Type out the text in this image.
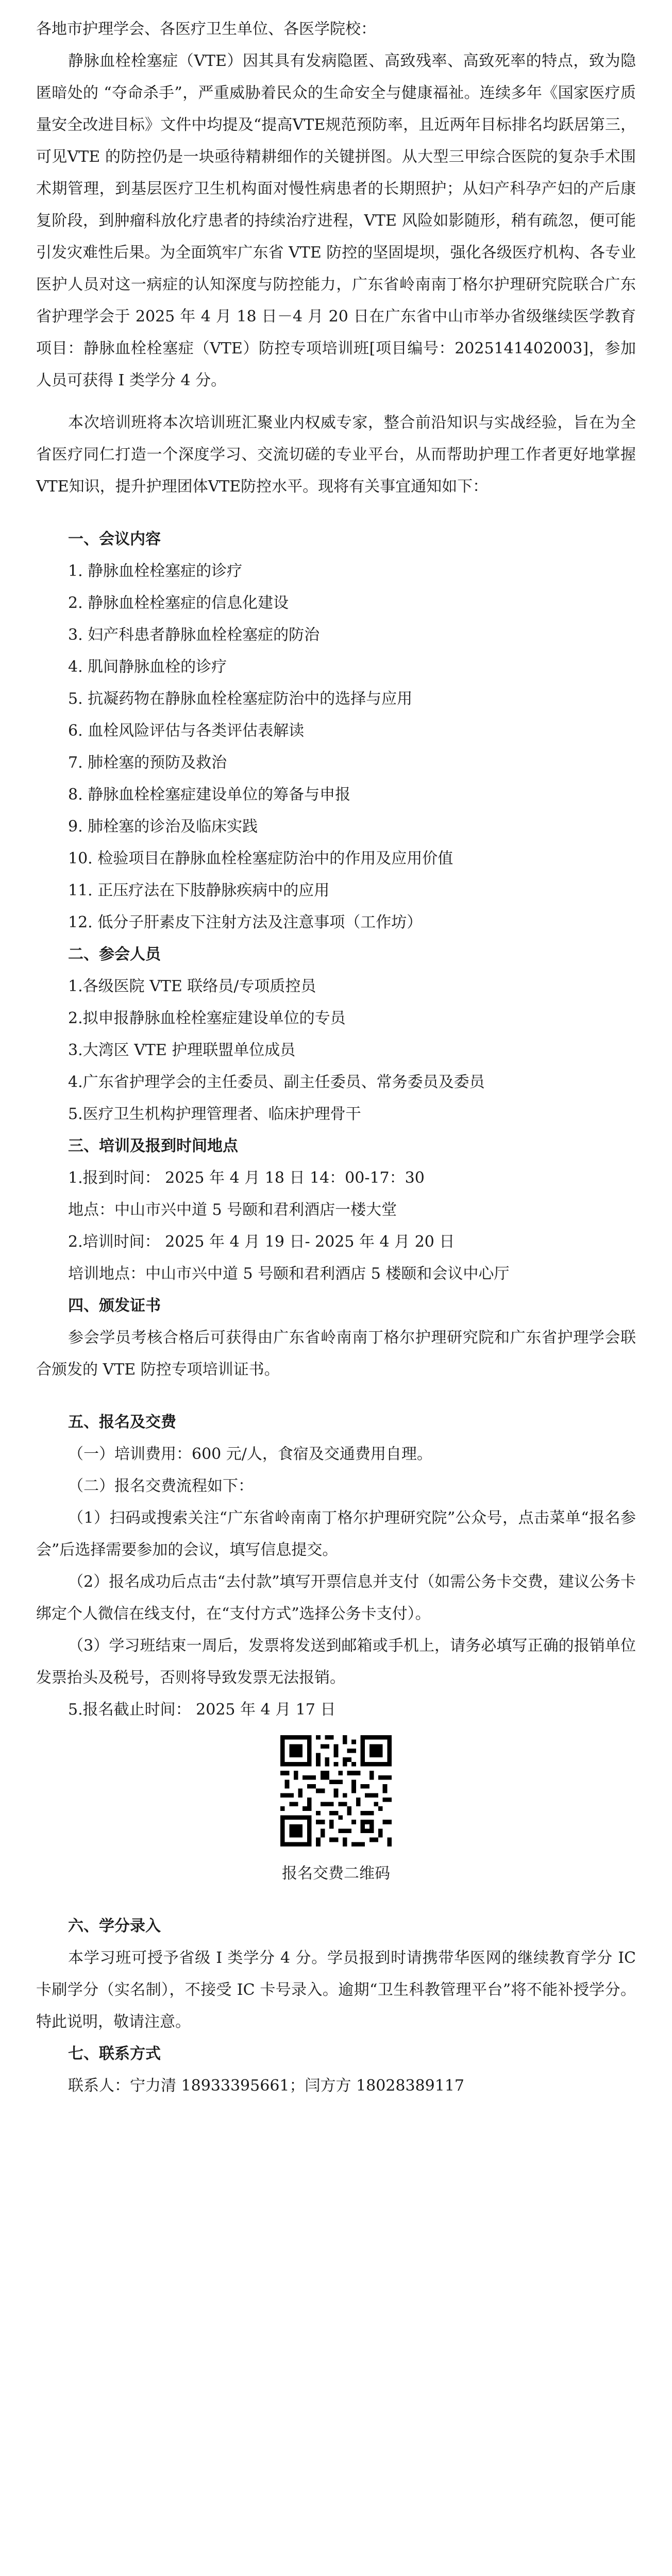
各地市护理学会、各医疗卫生单位、各医学院校：

静脉血栓栓塞症（VTE）因其具有发病隐匿、高致残率、高致死率的特点，致为隐匿暗处的 “夺命杀手”，严重威胁着民众的生命安全与健康福祉。连续多年《国家医疗质量安全改进目标》文件中均提及“提高VTE规范预防率，且近两年目标排名均跃居第三，可见VTE 的防控仍是一块亟待精耕细作的关键拼图。从大型三甲综合医院的复杂手术围术期管理，到基层医疗卫生机构面对慢性病患者的长期照护；从妇产科孕产妇的产后康复阶段，到肿瘤科放化疗患者的持续治疗进程，VTE 风险如影随形，稍有疏忽，便可能引发灾难性后果。为全面筑牢广东省 VTE 防控的坚固堤坝，强化各级医疗机构、各专业医护人员对这一病症的认知深度与防控能力，广东省岭南南丁格尔护理研究院联合广东省护理学会于 2025 年 4 月 18 日－4 月 20 日在广东省中山市举办省级继续医学教育项目：静脉血栓栓塞症（VTE）防控专项培训班[项目编号：2025141402003]，参加人员可获得 I 类学分 4 分。

本次培训班将本次培训班汇聚业内权威专家，整合前沿知识与实战经验，旨在为全省医疗同仁打造一个深度学习、交流切磋的专业平台，从而帮助护理工作者更好地掌握VTE知识，提升护理团体VTE防控水平。现将有关事宜通知如下：

一、会议内容

1. 静脉血栓栓塞症的诊疗

2. 静脉血栓栓塞症的信息化建设

3. 妇产科患者静脉血栓栓塞症的防治

4. 肌间静脉血栓的诊疗

5. 抗凝药物在静脉血栓栓塞症防治中的选择与应用

6. 血栓风险评估与各类评估表解读

7. 肺栓塞的预防及救治

8. 静脉血栓栓塞症建设单位的筹备与申报

9. 肺栓塞的诊治及临床实践

10. 检验项目在静脉血栓栓塞症防治中的作用及应用价值

11. 正压疗法在下肢静脉疾病中的应用

12. 低分子肝素皮下注射方法及注意事项（工作坊）

二、参会人员

1.各级医院 VTE 联络员/专项质控员

2.拟申报静脉血栓栓塞症建设单位的专员

3.大湾区 VTE 护理联盟单位成员

4.广东省护理学会的主任委员、副主任委员、常务委员及委员

5.医疗卫生机构护理管理者、临床护理骨干

三、培训及报到时间地点

1.报到时间： 2025 年 4 月 18 日 14：00-17：30

地点：中山市兴中道 5 号颐和君利酒店一楼大堂

2.培训时间： 2025 年 4 月 19 日- 2025 年 4 月 20 日

培训地点：中山市兴中道 5 号颐和君利酒店 5 楼颐和会议中心厅

四、颁发证书

参会学员考核合格后可获得由广东省岭南南丁格尔护理研究院和广东省护理学会联合颁发的 VTE 防控专项培训证书。

五、报名及交费

（一）培训费用：600 元/人，食宿及交通费用自理。

（二）报名交费流程如下：

（1）扫码或搜索关注“广东省岭南南丁格尔护理研究院”公众号，点击菜单“报名参会”后选择需要参加的会议，填写信息提交。

（2）报名成功后点击“去付款”填写开票信息并支付（如需公务卡交费，建议公务卡绑定个人微信在线支付，在“支付方式”选择公务卡支付）。

（3）学习班结束一周后，发票将发送到邮箱或手机上，请务必填写正确的报销单位发票抬头及税号，否则将导致发票无法报销。

5.报名截止时间： 2025 年 4 月 17 日

报名交费二维码

六、学分录入

本学习班可授予省级 I 类学分 4 分。学员报到时请携带华医网的继续教育学分 IC 卡刷学分（实名制），不接受 IC 卡号录入。逾期“卫生科教管理平台”将不能补授学分。特此说明，敬请注意。

七、联系方式

联系人：宁力清 18933395661；闫方方 18028389117
